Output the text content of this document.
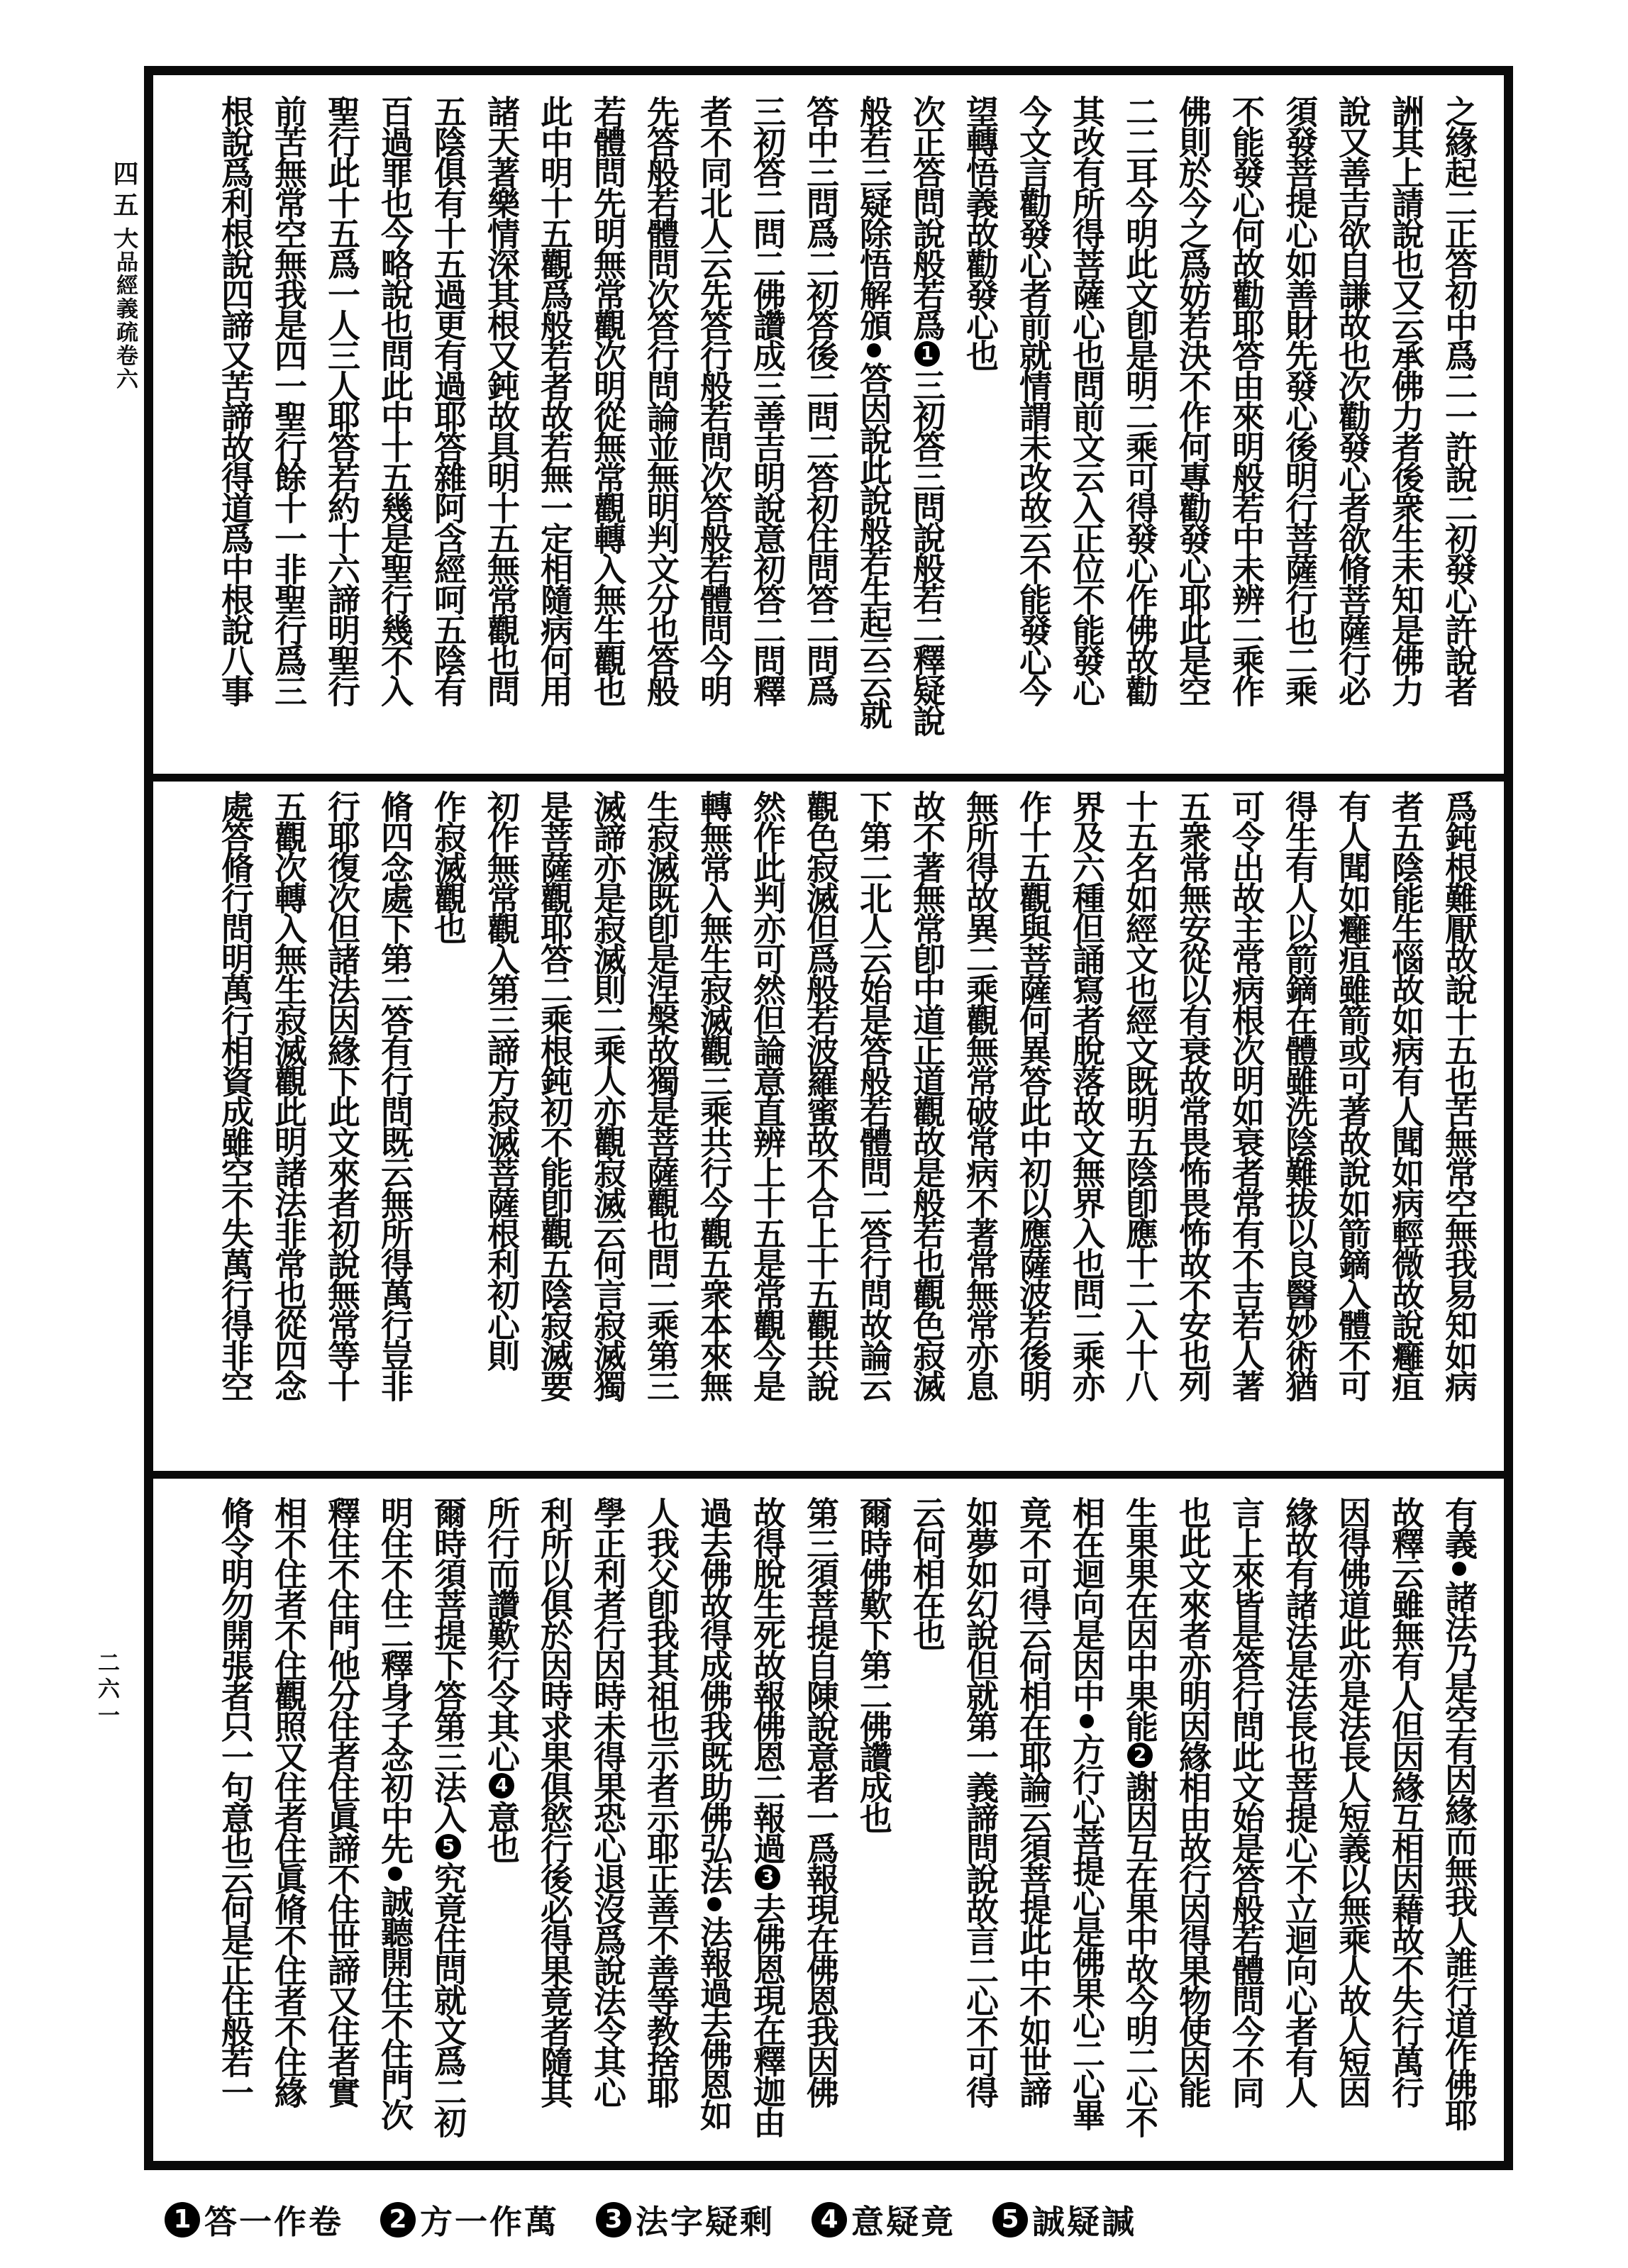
四五一
大品經義疏卷六
二六一
之緣起二正答初中爲二一許說二初發心許說者
詶其上請說也又云承佛力者後衆生未知是佛力
說又善吉欲自謙故也次勸發心者欲脩菩薩行必
須發菩提心如善財先發心後明行菩薩行也二乘
不能發心何故勸耶答由來明般若中未辨二乘作
佛則於今之爲妨若決不作何專勸發心耶此是空
二二耳今明此文卽是明二乘可得發心作佛故勸
其改有所得菩薩心也問前文云入正位不能發心
今文言勸發心者前就情謂未改故云不能發心今
望轉悟義故勸發心也
次正答問說般若爲1三初答三問說般若二釋疑說
般若三疑除悟解頒答因說此說般若生起云云就
答中三問爲二初答後二問二答初住問答二問爲
三初答二問二佛讚成三善吉明說意初答二問釋
者不同北人云先答行般若問次答般若體問今明
先答般若體問次答行問論並無明判文分也答般
若體問先明無常觀次明從無常觀轉入無生觀也
此中明十五觀爲般若者故若無一定相隨病何用
諸天著樂情深其根又鈍故具明十五無常觀也問
五陰俱有十五過更有過耶答雜阿含經呵五陰有
百過罪也今略說也問此中十五幾是聖行幾不入
聖行此十五爲一人三人耶答若約十六諦明聖行
前苦無常空無我是四一聖行餘十一非聖行爲三
根說爲利根說四諦又苦諦故得道爲中根說八事
爲鈍根難厭故說十五也苦無常空無我易知如病
者五陰能生惱故如病有人聞如病輕微故說癰疽
有人聞如癰疽雖箭或可著故說如箭鏑入體不可
得生有人以箭鏑在體雖洗陰難拔以良醫妙術猶
可令出故主常病根次明如衰者常有不吉若人著
五衆常無安從以有衰故常畏怖畏怖故不安也列
十五名如經文也經文既明五陰卽應十二入十八
界及六種但誦寫者脫落故文無界入也問二乘亦
作十五觀與菩薩何異答此中初以應薩波若後明
無所得故異二乘觀無常破常病不著常無常亦息
故不著無常卽中道正道觀故是般若也觀色寂滅
下第二北人云始是答般若體問二答行問故論云
觀色寂滅但爲般若波羅蜜故不合上十五觀共說
然作此判亦可然但論意直辨上十五是常觀今是
轉無常入無生寂滅觀三乘共行今觀五衆本來無
生寂滅既卽是涅槃故獨是菩薩觀也問二乘第三
滅諦亦是寂滅則二乘人亦觀寂滅云何言寂滅獨
是菩薩觀耶答二乘根鈍初不能卽觀五陰寂滅要
初作無常觀入第三諦方寂滅菩薩根利初心則
作寂滅觀也
脩四念處下第二答有行問既云無所得萬行豈非
行耶復次但諸法因緣下此文來者初說無常等十
五觀次轉入無生寂滅觀此明諸法非常也從四念
處答脩行問明萬行相資成雖空不失萬行得非空
有義諸法乃是空有因緣而無我人誰行道作佛耶
故釋云雖無有人但因緣互相因藉故不失行萬行
因得佛道此亦是法長人短義以無乘人故人短因
緣故有諸法是法長也菩提心不立迴向心者有人
言上來皆是答行問此文始是答般若體問今不同
也此文來者亦明因緣相由故行因得果物使因能
生果果在因中果能2謝因互在果中故今明二心不
相在迴向是因中方行心菩提心是佛果心二心畢
竟不可得云何相在耶論云須菩提此中不如世諦
如夢如幻說但就第一義諦問說故言二心不可得
云何相在也
爾時佛歎下第二佛讚成也
第三須菩提自陳說意者一爲報現在佛恩我因佛
故得脫生死故報佛恩二報過3去佛恩現在釋迦由
過去佛故得成佛我既助佛弘法法報過去佛恩如
人我父卽我其祖也示者示耶正善不善等教捨耶
學正利者行因時未得果恐心退沒爲說法令其心
利所以俱於因時求果俱慾行後必得果竟者隨其
所行而讚歎行令其心4意也
爾時須菩提下答第三法入5究竟住問就文爲二初
明住不住二釋身子念初中先誠聽開住不住門次
釋住不住門他分住者住眞諦不住世諦又住者實
相不住者不住觀照又住者住眞脩不住者不住緣
脩令明勿開張者只一句意也云何是正住般若一
1 答一作卷	2 方一作萬	3 法字疑剩	4 意疑竟	5 誠疑諴
